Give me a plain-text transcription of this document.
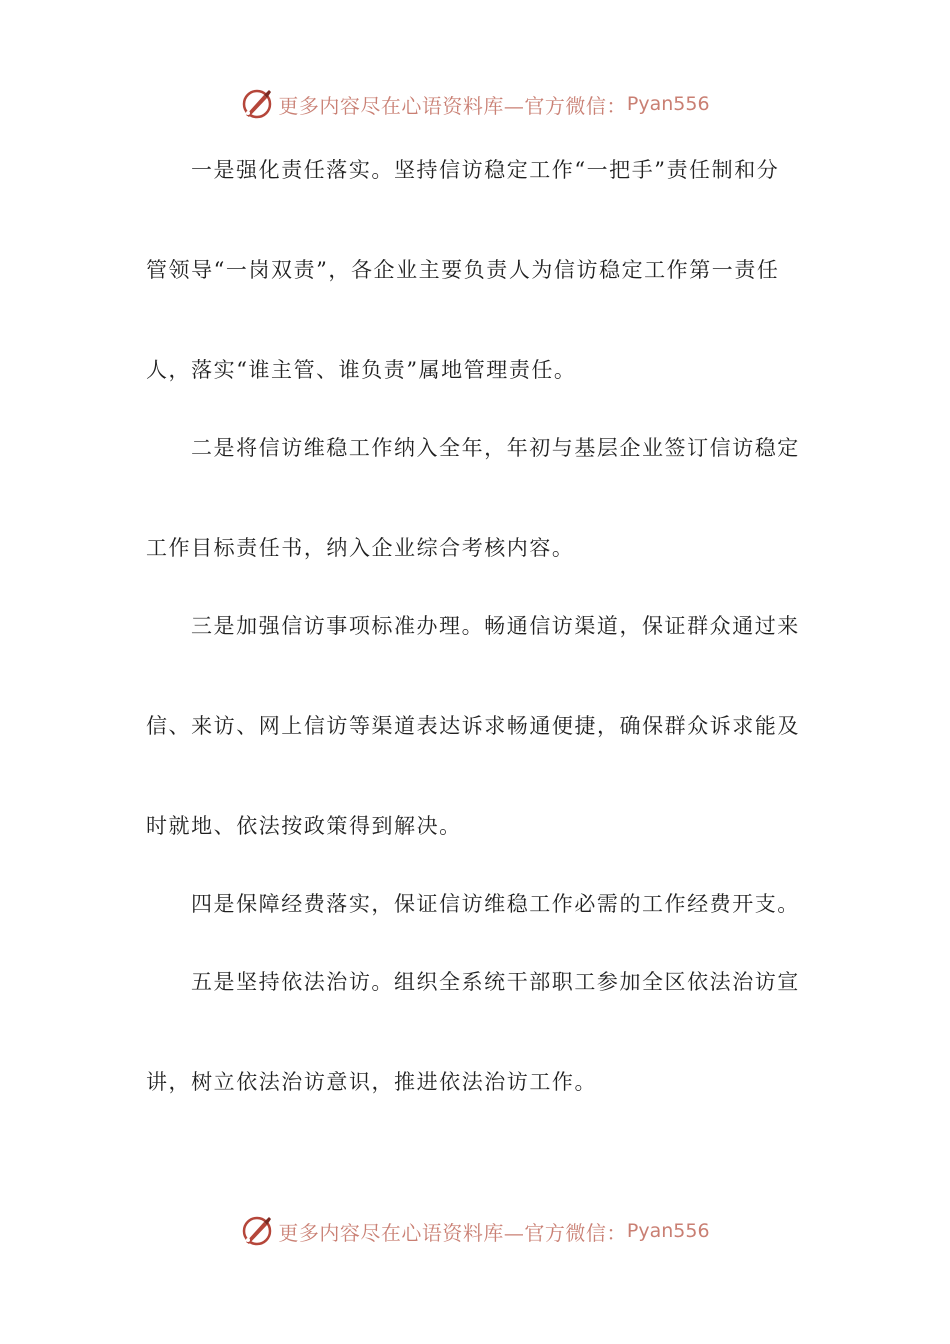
更多内容尽在心语资料库—官方微信： Pyan556
一是强化责任落实。坚持信访稳定工作“一把手”责任制和分
管领导“一岗双责”，各企业主要负责人为信访稳定工作第一责任
人，落实“谁主管、谁负责”属地管理责任。
二是将信访维稳工作纳入全年，年初与基层企业签订信访稳定
工作目标责任书，纳入企业综合考核内容。
三是加强信访事项标准办理。畅通信访渠道，保证群众通过来
信、来访、网上信访等渠道表达诉求畅通便捷，确保群众诉求能及
时就地、依法按政策得到解决。
四是保障经费落实，保证信访维稳工作必需的工作经费开支。
五是坚持依法治访。组织全系统干部职工参加全区依法治访宣
讲，树立依法治访意识，推进依法治访工作。
更多内容尽在心语资料库—官方微信： Pyan556
